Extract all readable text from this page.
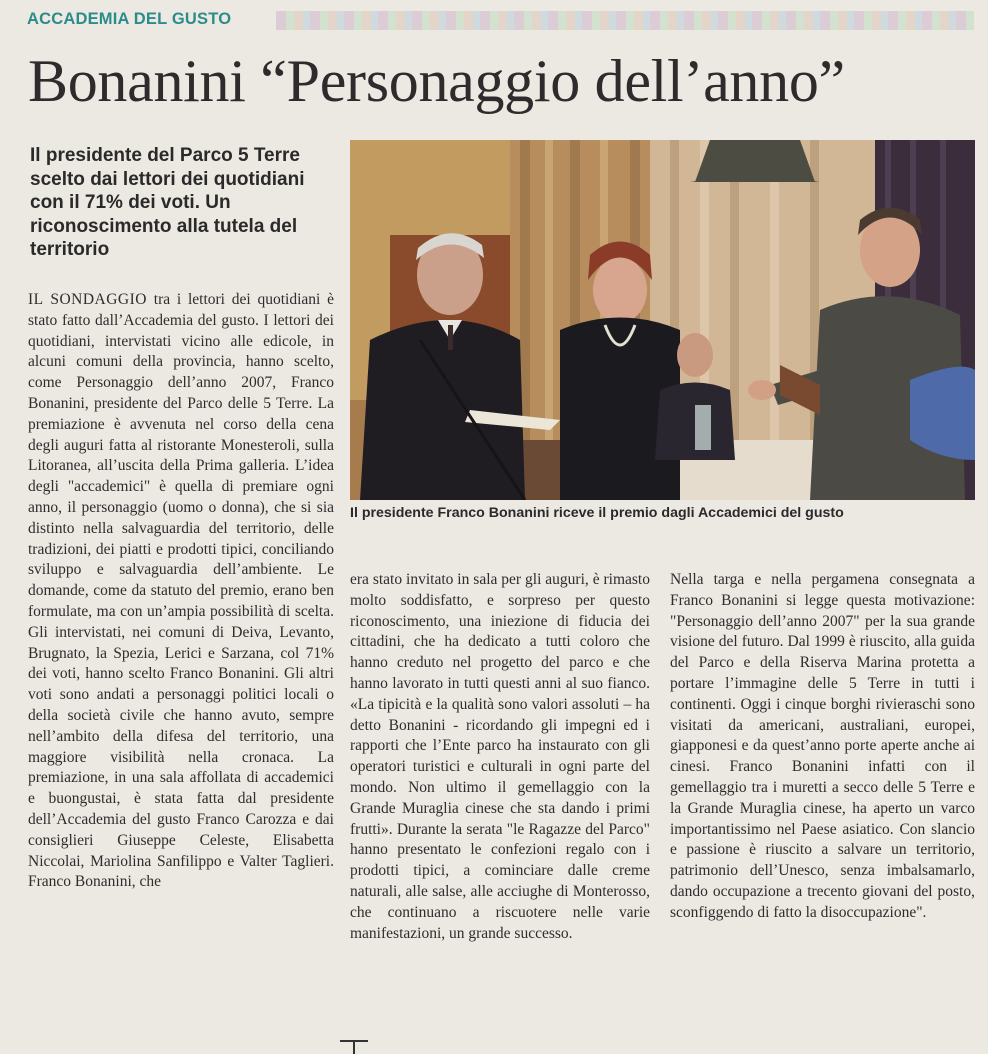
ACCADEMIA DEL GUSTO
Bonanini “Personaggio dell’anno”
Il presidente del Parco 5 Terre scelto dai lettori dei quotidiani con il 71% dei voti. Un riconoscimento alla tutela del territorio
Il presidente Franco Bonanini riceve il premio dagli Accademici del gusto

IL SONDAGGIO tra i lettori dei quotidiani è stato fatto dall’Accademia del gusto. I lettori dei quotidiani, intervistati vicino alle edicole, in alcuni comuni della provincia, hanno scelto, come Personaggio dell’anno 2007, Franco Bonanini, presidente del Parco delle 5 Terre. La premiazione è avvenuta nel corso della cena degli auguri fatta al ristorante Monesteroli, sulla Litoranea, all’uscita della Prima galleria. L’idea degli "accademici" è quella di premiare ogni anno, il personaggio (uomo o donna), che si sia distinto nella salvaguardia del territorio, delle tradizioni, dei piatti e prodotti tipici, conciliando sviluppo e salvaguardia dell’ambiente. Le domande, come da statuto del premio, erano ben formulate, ma con un’ampia possibilità di scelta. Gli intervistati, nei comuni di Deiva, Levanto, Brugnato, la Spezia, Lerici e Sarzana, col 71% dei voti, hanno scelto Franco Bonanini. Gli altri voti sono andati a personaggi politici locali o della società civile che hanno avuto, sempre nell’ambito della difesa del territorio, una maggiore visibilità nella cronaca. La premiazione, in una sala affollata di accademici e buongustai, è stata fatta dal presidente dell’Accademia del gusto Franco Carozza e dai consiglieri Giuseppe Celeste, Elisabetta Niccolai, Mariolina Sanfilippo e Valter Taglieri. Franco Bonanini, che

era stato invitato in sala per gli auguri, è rimasto molto soddisfatto, e sorpreso per questo riconoscimento, una iniezione di fiducia dei cittadini, che ha dedicato a tutti coloro che hanno creduto nel progetto del parco e che hanno lavorato in tutti questi anni al suo fianco. «La tipicità e la qualità sono valori assoluti – ha detto Bonanini - ricordando gli impegni ed i rapporti che l’Ente parco ha instaurato con gli operatori turistici e culturali in ogni parte del mondo. Non ultimo il gemellaggio con la Grande Muraglia cinese che sta dando i primi frutti». Durante la serata "le Ragazze del Parco" hanno presentato le confezioni regalo con i prodotti tipici, a cominciare dalle creme naturali, alle salse, alle acciughe di Monterosso, che continuano a riscuotere nelle varie manifestazioni, un grande successo.

Nella targa e nella pergamena consegnata a Franco Bonanini si legge questa motivazione: "Personaggio dell’anno 2007" per la sua grande visione del futuro. Dal 1999 è riuscito, alla guida del Parco e della Riserva Marina protetta a portare l’immagine delle 5 Terre in tutti i continenti. Oggi i cinque borghi rivieraschi sono visitati da americani, australiani, europei, giapponesi e da quest’anno porte aperte anche ai cinesi. Franco Bonanini infatti con il gemellaggio tra i muretti a secco delle 5 Terre e la Grande Muraglia cinese, ha aperto un varco importantissimo nel Paese asiatico. Con slancio e passione è riuscito a salvare un territorio, patrimonio dell’Unesco, senza imbalsamarlo, dando occupazione a trecento giovani del posto, sconfiggendo di fatto la disoccupazione".
